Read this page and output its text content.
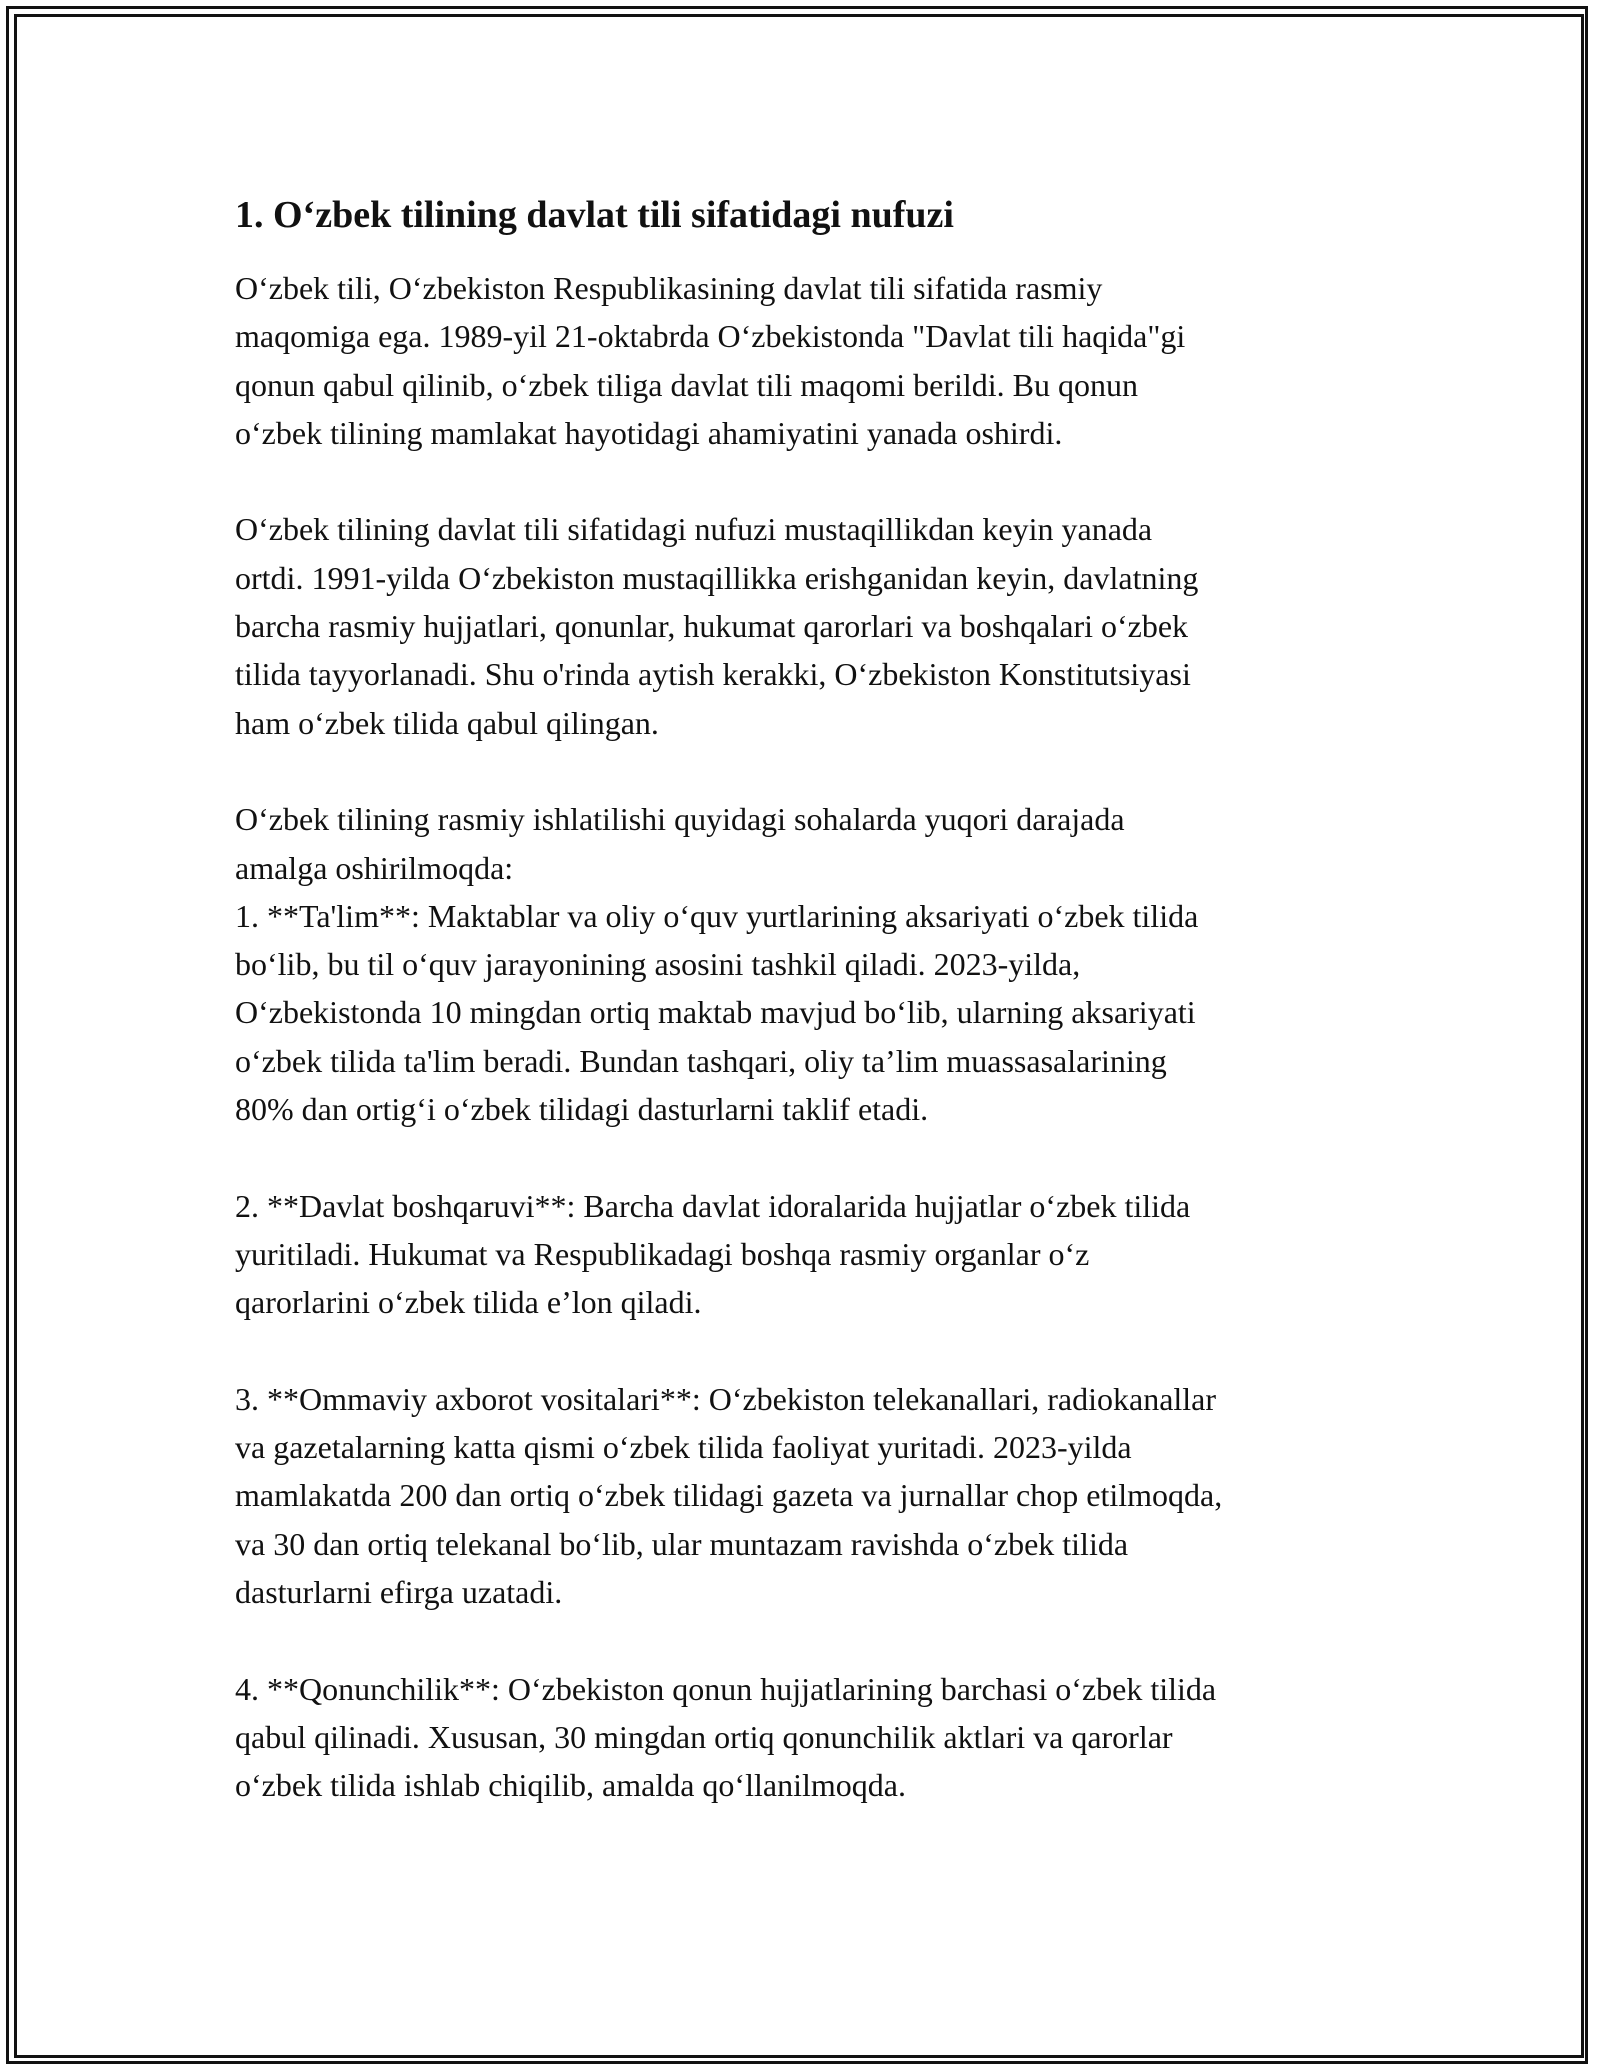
1. O‘zbek tilining davlat tili sifatidagi nufuzi

O‘zbek tili, O‘zbekiston Respublikasining davlat tili sifatida rasmiy
maqomiga ega. 1989-yil 21-oktabrda O‘zbekistonda "Davlat tili haqida"gi
qonun qabul qilinib, o‘zbek tiliga davlat tili maqomi berildi. Bu qonun
o‘zbek tilining mamlakat hayotidagi ahamiyatini yanada oshirdi.

O‘zbek tilining davlat tili sifatidagi nufuzi mustaqillikdan keyin yanada
ortdi. 1991-yilda O‘zbekiston mustaqillikka erishganidan keyin, davlatning
barcha rasmiy hujjatlari, qonunlar, hukumat qarorlari va boshqalari o‘zbek
tilida tayyorlanadi. Shu o'rinda aytish kerakki, O‘zbekiston Konstitutsiyasi
ham o‘zbek tilida qabul qilingan.

O‘zbek tilining rasmiy ishlatilishi quyidagi sohalarda yuqori darajada
amalga oshirilmoqda:
1. **Ta'lim**: Maktablar va oliy o‘quv yurtlarining aksariyati o‘zbek tilida
bo‘lib, bu til o‘quv jarayonining asosini tashkil qiladi. 2023-yilda,
O‘zbekistonda 10 mingdan ortiq maktab mavjud bo‘lib, ularning aksariyati
o‘zbek tilida ta'lim beradi. Bundan tashqari, oliy ta’lim muassasalarining
80% dan ortig‘i o‘zbek tilidagi dasturlarni taklif etadi.

2. **Davlat boshqaruvi**: Barcha davlat idoralarida hujjatlar o‘zbek tilida
yuritiladi. Hukumat va Respublikadagi boshqa rasmiy organlar o‘z
qarorlarini o‘zbek tilida e’lon qiladi.

3. **Ommaviy axborot vositalari**: O‘zbekiston telekanallari, radiokanallar
va gazetalarning katta qismi o‘zbek tilida faoliyat yuritadi. 2023-yilda
mamlakatda 200 dan ortiq o‘zbek tilidagi gazeta va jurnallar chop etilmoqda,
va 30 dan ortiq telekanal bo‘lib, ular muntazam ravishda o‘zbek tilida
dasturlarni efirga uzatadi.

4. **Qonunchilik**: O‘zbekiston qonun hujjatlarining barchasi o‘zbek tilida
qabul qilinadi. Xususan, 30 mingdan ortiq qonunchilik aktlari va qarorlar
o‘zbek tilida ishlab chiqilib, amalda qo‘llanilmoqda.
